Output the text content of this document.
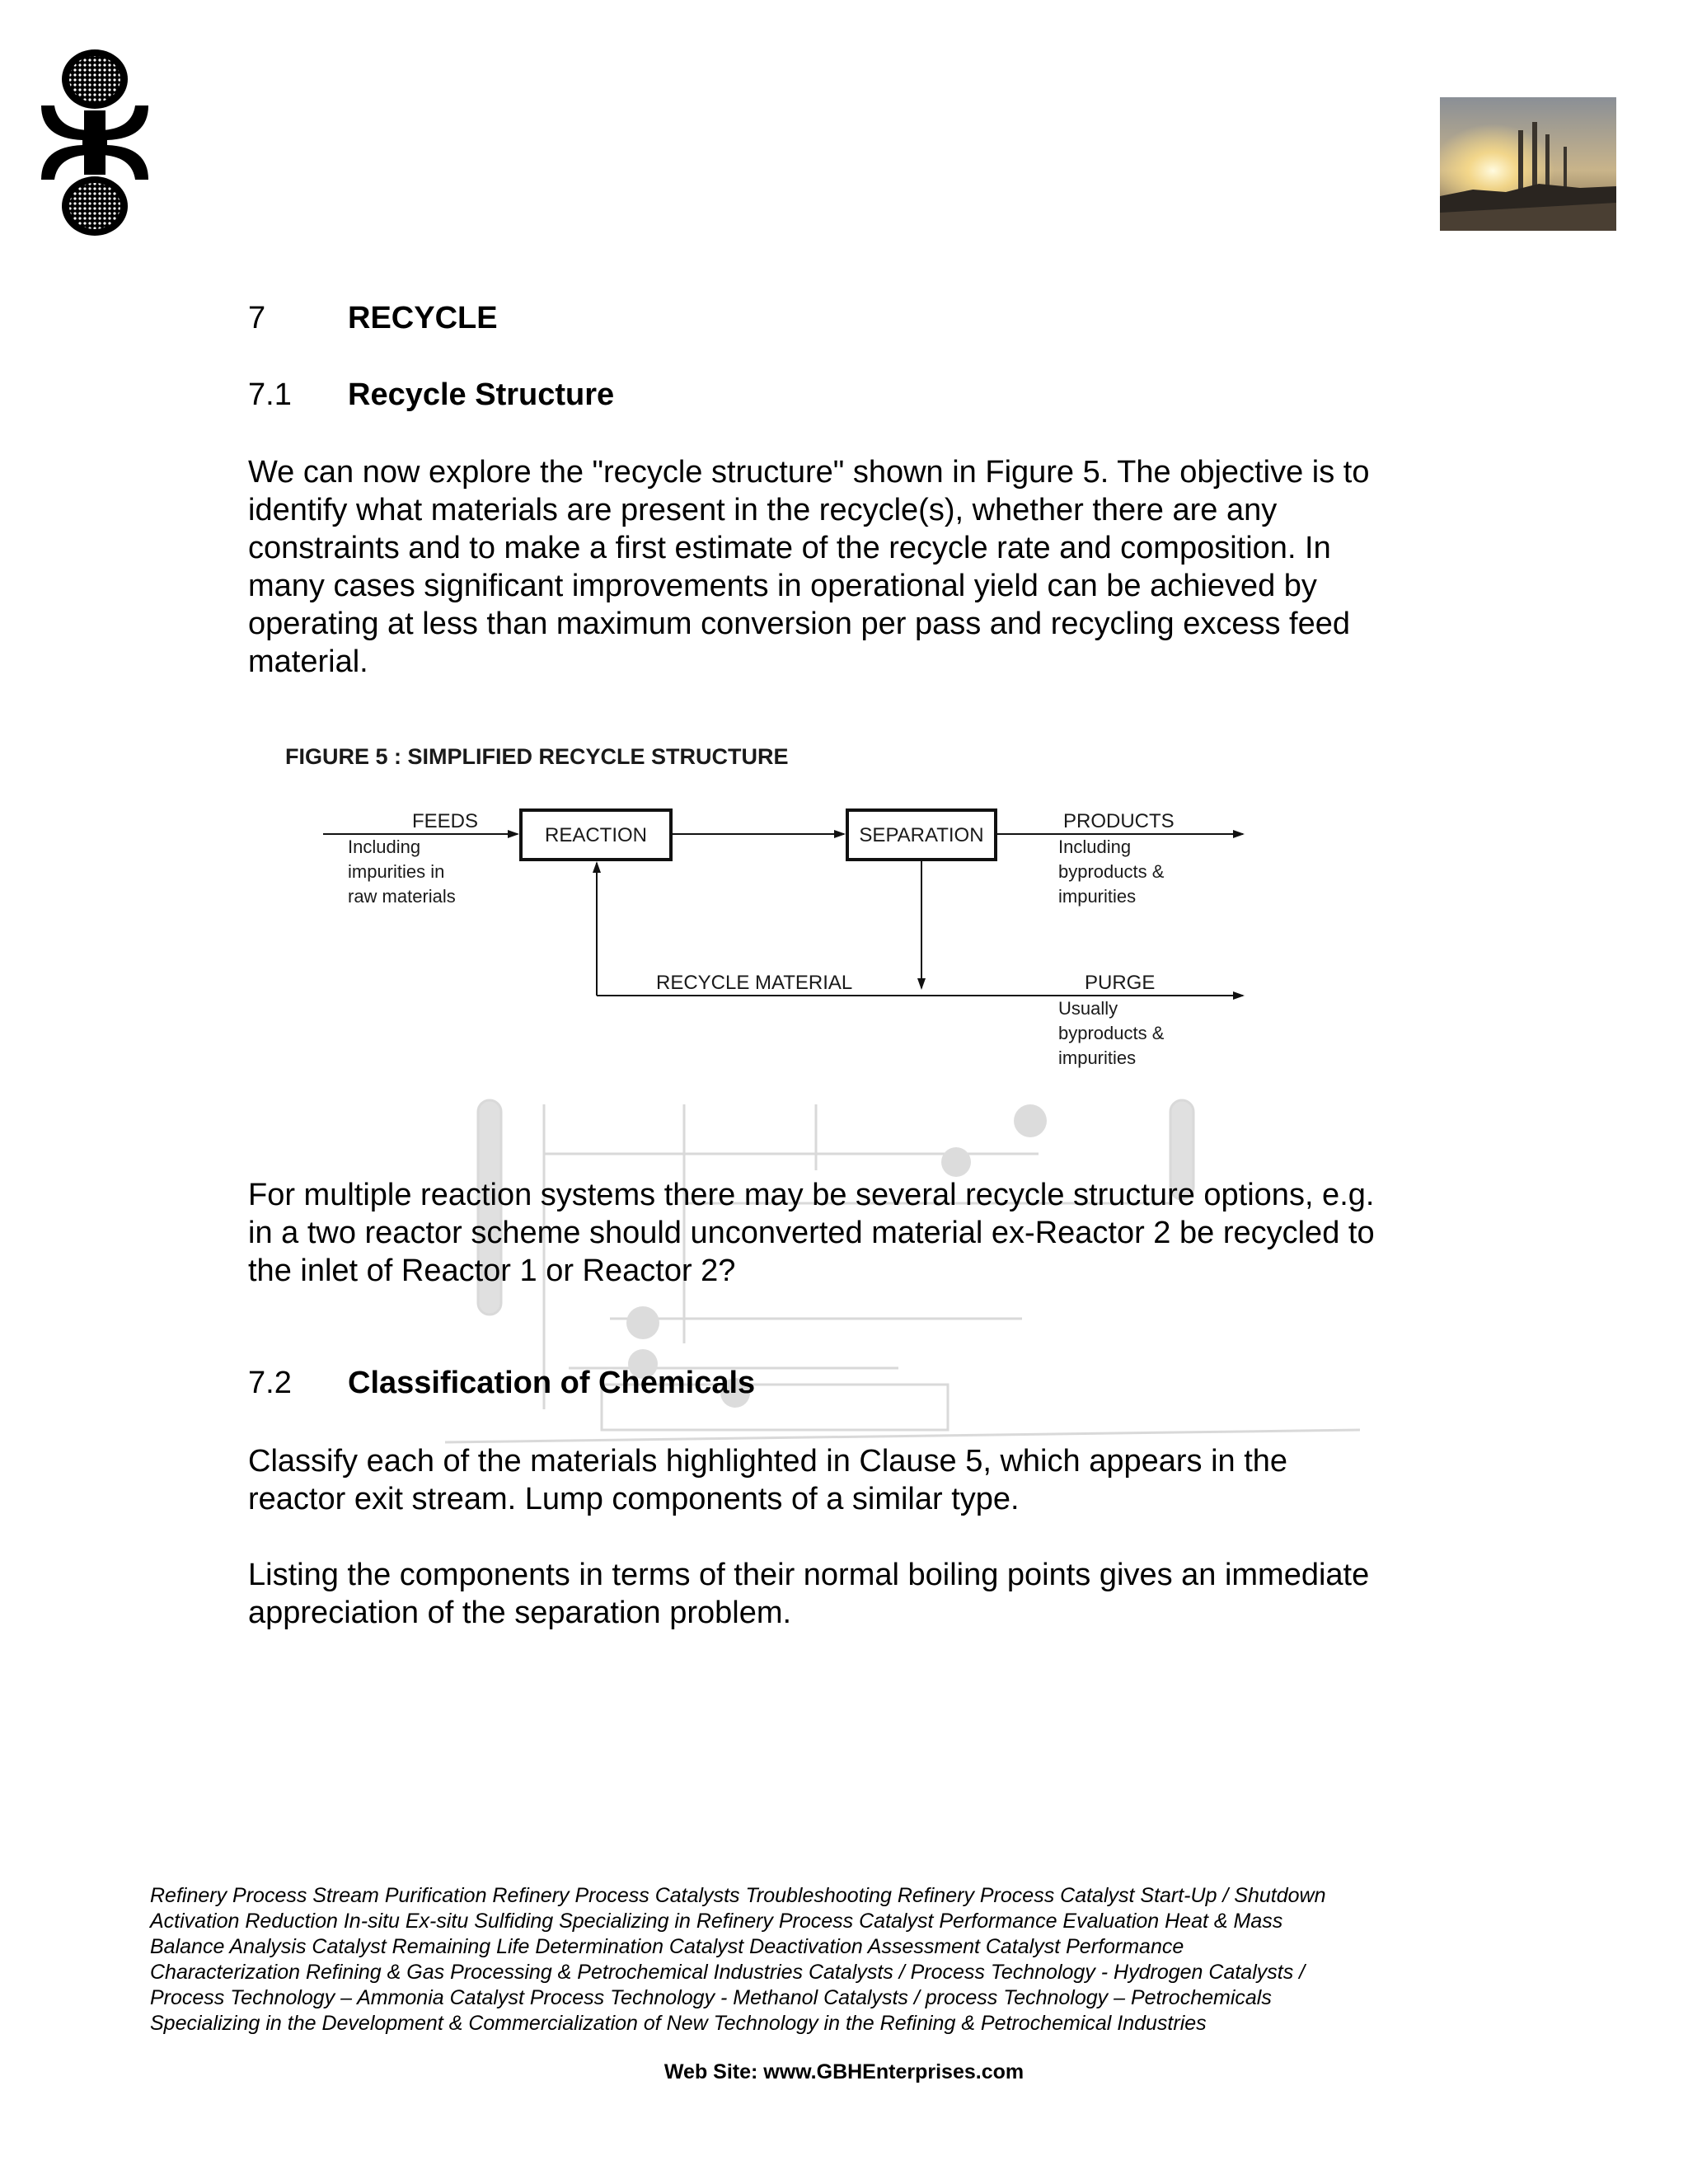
7	RECYCLE
7.1 Recycle Structure
We can now explore the "recycle structure" shown in Figure 5. The objective is to
identify what materials are present in the recycle(s), whether there are any
constraints and to make a first estimate of the recycle rate and composition. In
many cases significant improvements in operational yield can be achieved by
operating at less than maximum conversion per pass and recycling excess feed
material.
FIGURE 5 : SIMPLIFIED RECYCLE STRUCTURE
REACTION	SEPARATION
FEEDS
Including
impurities in
raw materials
PRODUCTS
Including
byproducts &
impurities
RECYCLE MATERIAL	PURGE
Usually
byproducts &
impurities
For multiple reaction systems there may be several recycle structure options, e.g.
in a two reactor scheme should unconverted material ex-Reactor 2 be recycled to
the inlet of Reactor 1 or Reactor 2?
7.2 Classification of Chemicals
Classify each of the materials highlighted in Clause 5, which appears in the
reactor exit stream. Lump components of a similar type.
Listing the components in terms of their normal boiling points gives an immediate
appreciation of the separation problem.
Refinery Process Stream Purification Refinery Process Catalysts Troubleshooting Refinery Process Catalyst Start-Up / Shutdown
Activation Reduction In-situ Ex-situ Sulfiding Specializing in Refinery Process Catalyst Performance Evaluation Heat & Mass
Balance Analysis Catalyst Remaining Life Determination Catalyst Deactivation Assessment Catalyst Performance
Characterization Refining & Gas Processing & Petrochemical Industries Catalysts / Process Technology - Hydrogen Catalysts /
Process Technology – Ammonia Catalyst Process Technology - Methanol Catalysts / process Technology – Petrochemicals
Specializing in the Development & Commercialization of New Technology in the Refining & Petrochemical Industries
Web Site: www.GBHEnterprises.com
